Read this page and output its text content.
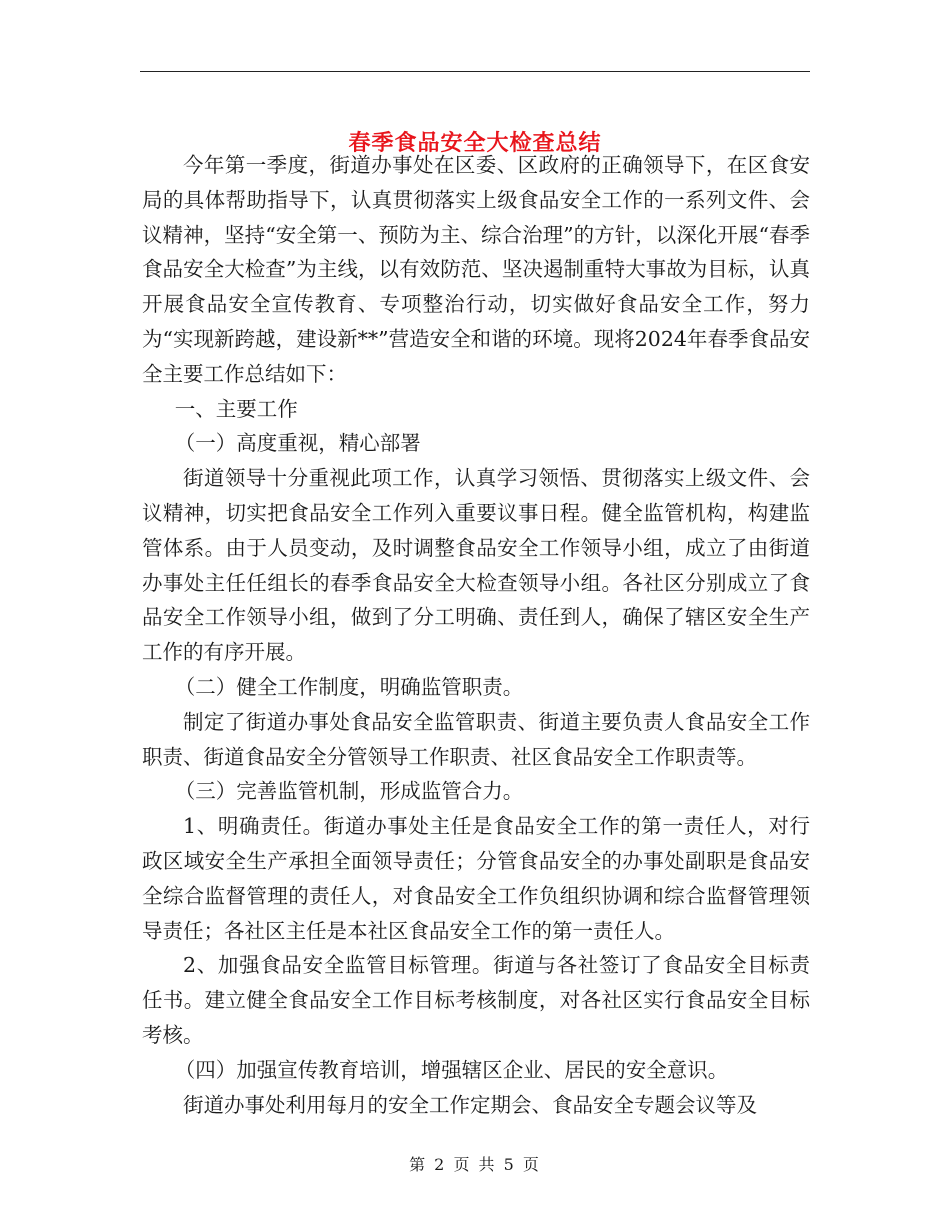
春季食品安全大检查总结

今年第一季度，街道办事处在区委、区政府的正确领导下，在区食安局的具体帮助指导下，认真贯彻落实上级食品安全工作的一系列文件、会议精神，坚持“安全第一、预防为主、综合治理”的方针，以深化开展“春季食品安全大检查”为主线，以有效防范、坚决遏制重特大事故为目标，认真开展食品安全宣传教育、专项整治行动，切实做好食品安全工作，努力为“实现新跨越，建设新**”营造安全和谐的环境。现将2024年春季食品安全主要工作总结如下：

一、主要工作

（一）高度重视，精心部署

街道领导十分重视此项工作，认真学习领悟、贯彻落实上级文件、会议精神，切实把食品安全工作列入重要议事日程。健全监管机构，构建监管体系。由于人员变动，及时调整食品安全工作领导小组，成立了由街道办事处主任任组长的春季食品安全大检查领导小组。各社区分别成立了食品安全工作领导小组，做到了分工明确、责任到人，确保了辖区安全生产工作的有序开展。

（二）健全工作制度，明确监管职责。

制定了街道办事处食品安全监管职责、街道主要负责人食品安全工作职责、街道食品安全分管领导工作职责、社区食品安全工作职责等。

（三）完善监管机制，形成监管合力。

1、明确责任。街道办事处主任是食品安全工作的第一责任人，对行政区域安全生产承担全面领导责任；分管食品安全的办事处副职是食品安全综合监督管理的责任人，对食品安全工作负组织协调和综合监督管理领导责任；各社区主任是本社区食品安全工作的第一责任人。

2、加强食品安全监管目标管理。街道与各社签订了食品安全目标责任书。建立健全食品安全工作目标考核制度，对各社区实行食品安全目标考核。

（四）加强宣传教育培训，增强辖区企业、居民的安全意识。

街道办事处利用每月的安全工作定期会、食品安全专题会议等及

第 2 页 共 5 页
